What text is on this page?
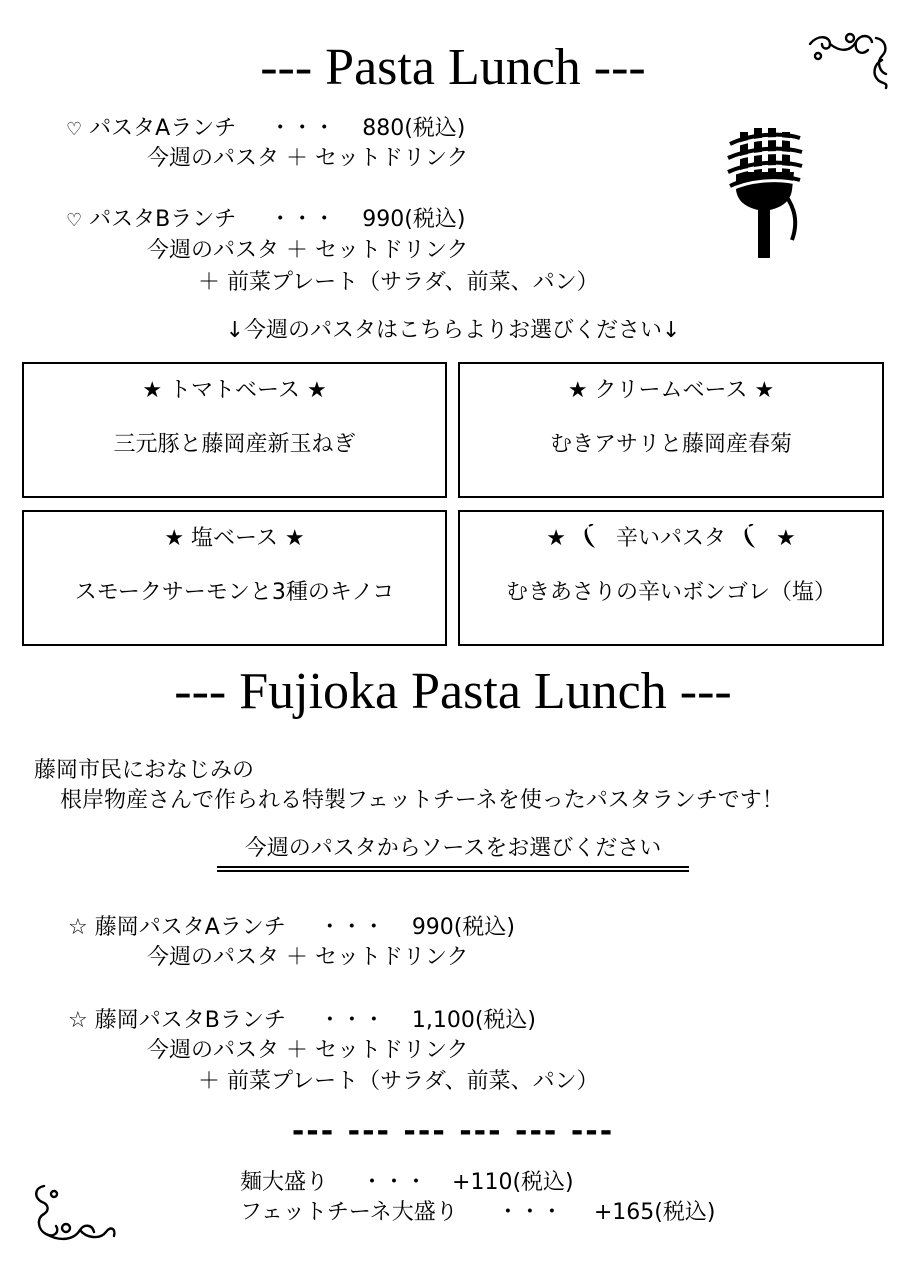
--- Pasta Lunch ---
♡ パスタAランチ ・・・ 880(税込)
今週のパスタ ＋ セットドリンク
♡ パスタBランチ ・・・ 990(税込)
今週のパスタ ＋ セットドリンク
＋ 前菜プレート（サラダ、前菜、パン）
↓今週のパスタはこちらよりお選びください↓
★ トマトベース ★
三元豚と藤岡産新玉ねぎ
★ クリームベース ★
むきアサリと藤岡産春菊
★ 塩ベース ★
スモークサーモンと3種のキノコ
★ 辛いパスタ ★
むきあさりの辛いボンゴレ（塩）
--- Fujioka Pasta Lunch ---
藤岡市民におなじみの
根岸物産さんで作られる特製フェットチーネを使ったパスタランチです！
今週のパスタからソースをお選びください
☆ 藤岡パスタAランチ ・・・ 990(税込)
今週のパスタ ＋ セットドリンク
☆ 藤岡パスタBランチ ・・・ 1,100(税込)
今週のパスタ ＋ セットドリンク
＋ 前菜プレート（サラダ、前菜、パン）
--- --- --- --- --- ---
麺大盛り ・・・ +110(税込)
フェットチーネ大盛り ・・・ +165(税込)
